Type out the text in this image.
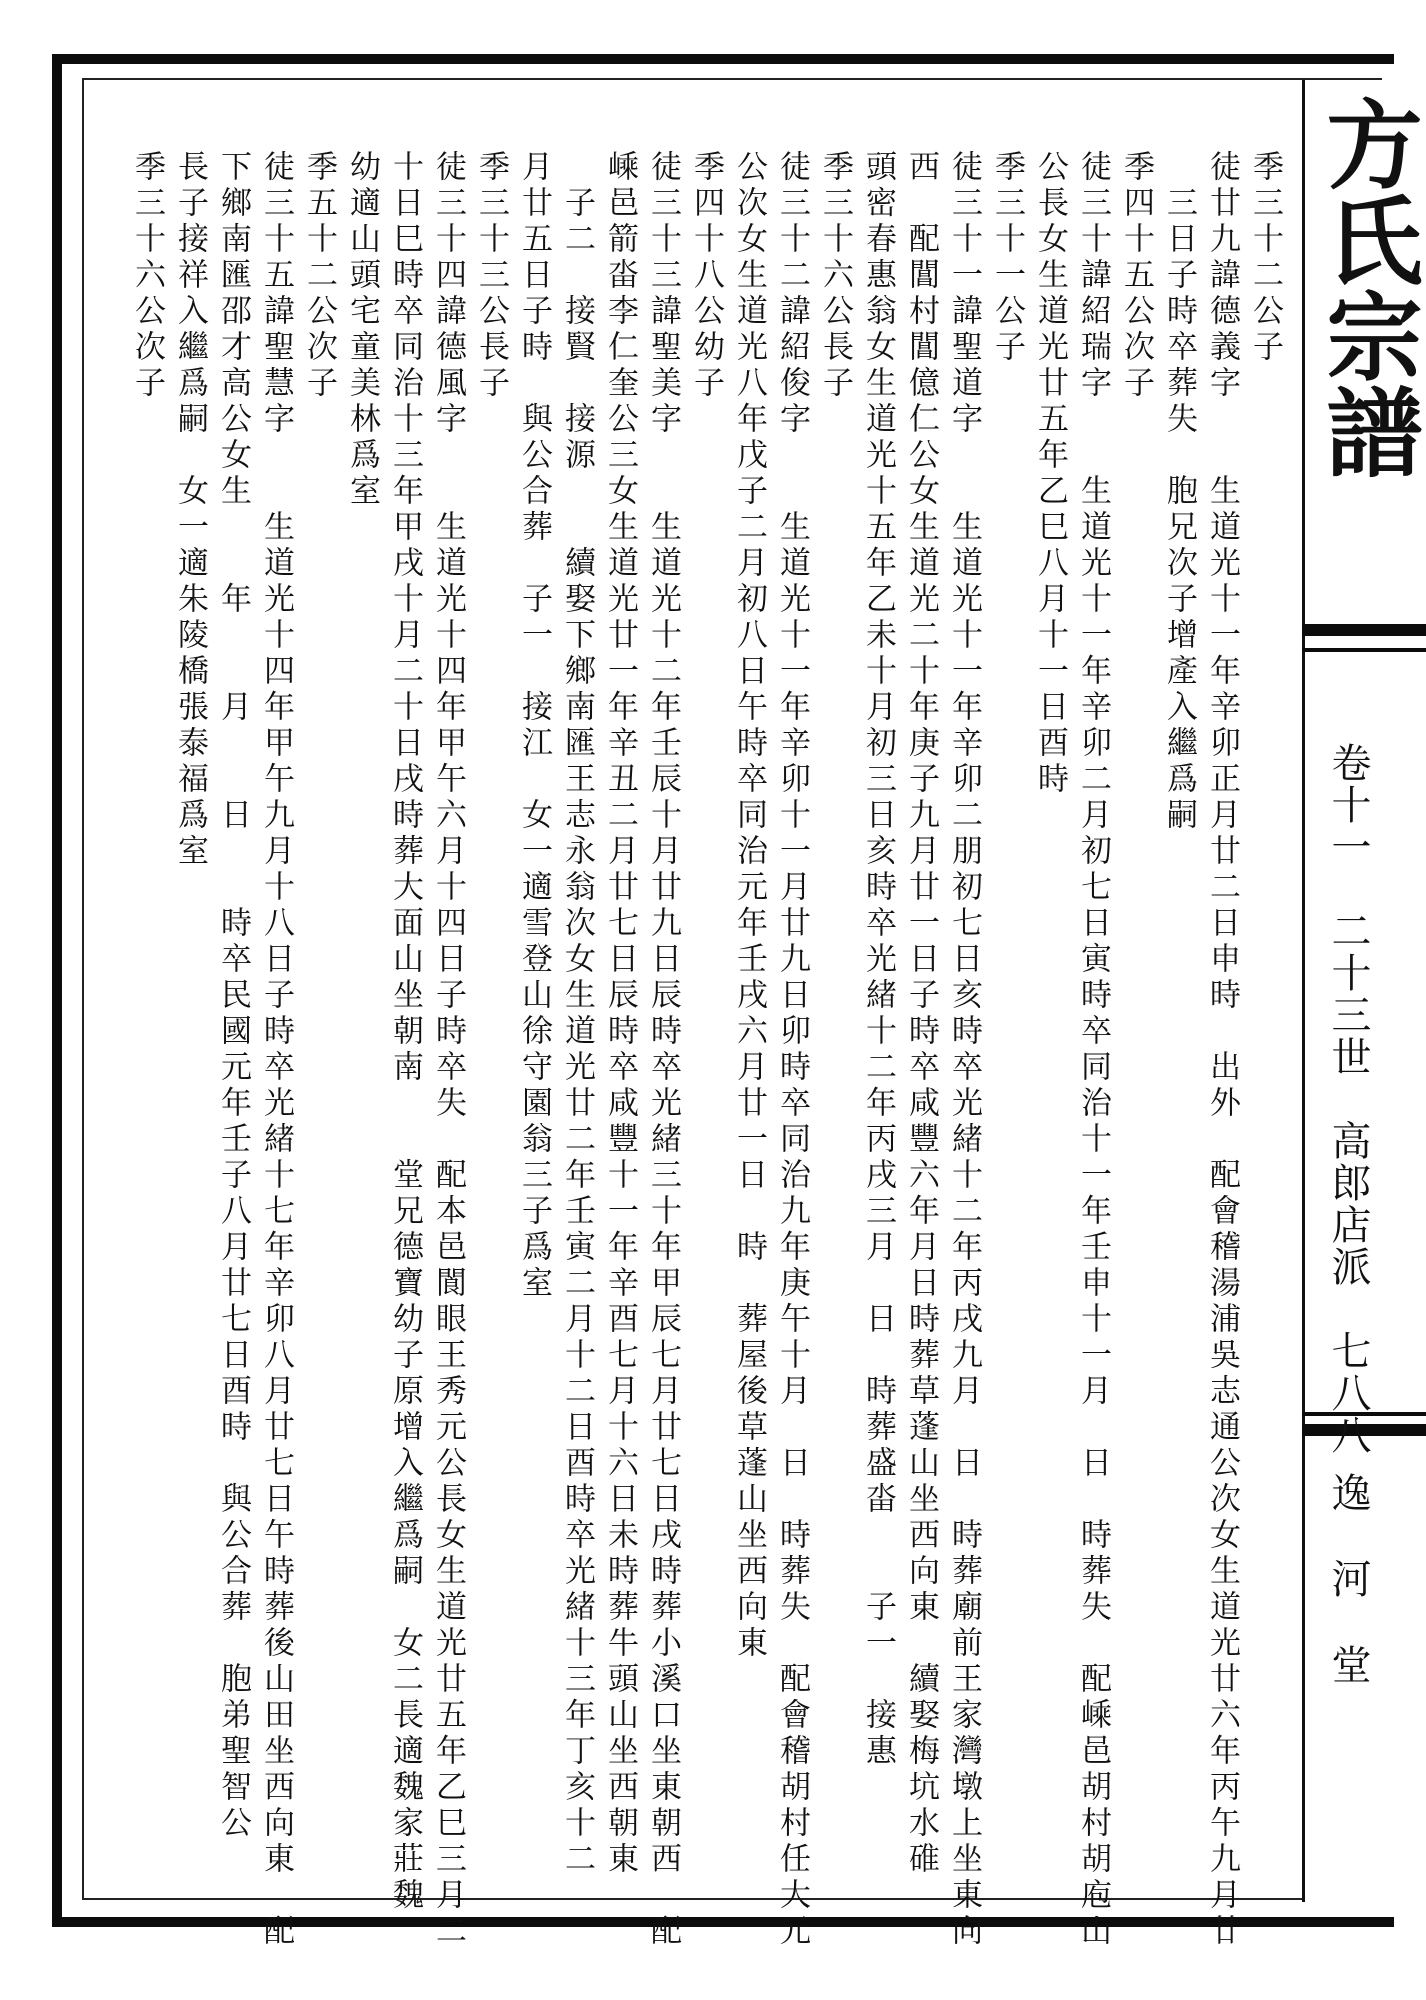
方氏宗譜
卷十一　二十三世　高郎店派　七八八
逸河堂
季三十二公子
徒廿九諱德義字　　生道光十一年辛卯正月廿二日申時　出外　配會稽湯浦吳志通公次女生道光廿六年丙午九月廿
　三日子時卒葬失　胞兄次子增產入繼爲嗣
季四十五公次子
徒三十諱紹瑞字　　生道光十一年辛卯二月初七日寅時卒同治十一年壬申十一月　日　時葬失　配嵊邑胡村胡庖山
公長女生道光廿五年乙巳八月十一日酉時
季三十一公子
徒三十一諱聖道字　　生道光十一年辛卯二朋初七日亥時卒光緒十二年丙戌九月　日　時葬廟前王家灣墩上坐東向
西　配閶村閶億仁公女生道光二十年庚子九月廿一日子時卒咸豐六年月日時葬草蓬山坐西向東　續娶梅坑水碓
頭密春惠翁女生道光十五年乙未十月初三日亥時卒光緒十二年丙戌三月　日　時葬盛畓　　子一　接惠
季三十六公長子
徒三十二諱紹俊字　　生道光十一年辛卯十一月廿九日卯時卒同治九年庚午十月　日　時葬失　配會稽胡村任大元
公次女生道光八年戊子二月初八日午時卒同治元年壬戌六月廿一日　時　葬屋後草蓬山坐西向東
季四十八公幼子
徒三十三諱聖美字　　生道光十二年壬辰十月廿九日辰時卒光緒三十年甲辰七月廿七日戌時葬小溪口坐東朝西　配
嵊邑箭畓李仁奎公三女生道光廿一年辛丑二月廿七日辰時卒咸豐十一年辛酉七月十六日未時葬牛頭山坐西朝東
　子二　接賢　接源　　續娶下鄉南匯王志永翁次女生道光廿二年壬寅二月十二日酉時卒光緒十三年丁亥十二
月廿五日子時　與公合葬　子一　接江　女一適雪登山徐守園翁三子爲室
季三十三公長子
徒三十四諱德風字　　生道光十四年甲午六月十四日子時卒失　配本邑閬眼王秀元公長女生道光廿五年乙巳三月二
十日巳時卒同治十三年甲戌十月二十日戌時葬大面山坐朝南　　堂兄德寶幼子原增入繼爲嗣　女二長適魏家莊魏
幼適山頭宅童美林爲室
季五十二公次子
徒三十五諱聖慧字　　生道光十四年甲午九月十八日子時卒光緒十七年辛卯八月廿七日午時葬後山田坐西向東　配
下鄉南匯邵才高公女生　　年　　月　　日　　時卒民國元年壬子八月廿七日酉時　與公合葬　胞弟聖智公
長子接祥入繼爲嗣　女一適朱陵橋張泰福爲室
季三十六公次子
